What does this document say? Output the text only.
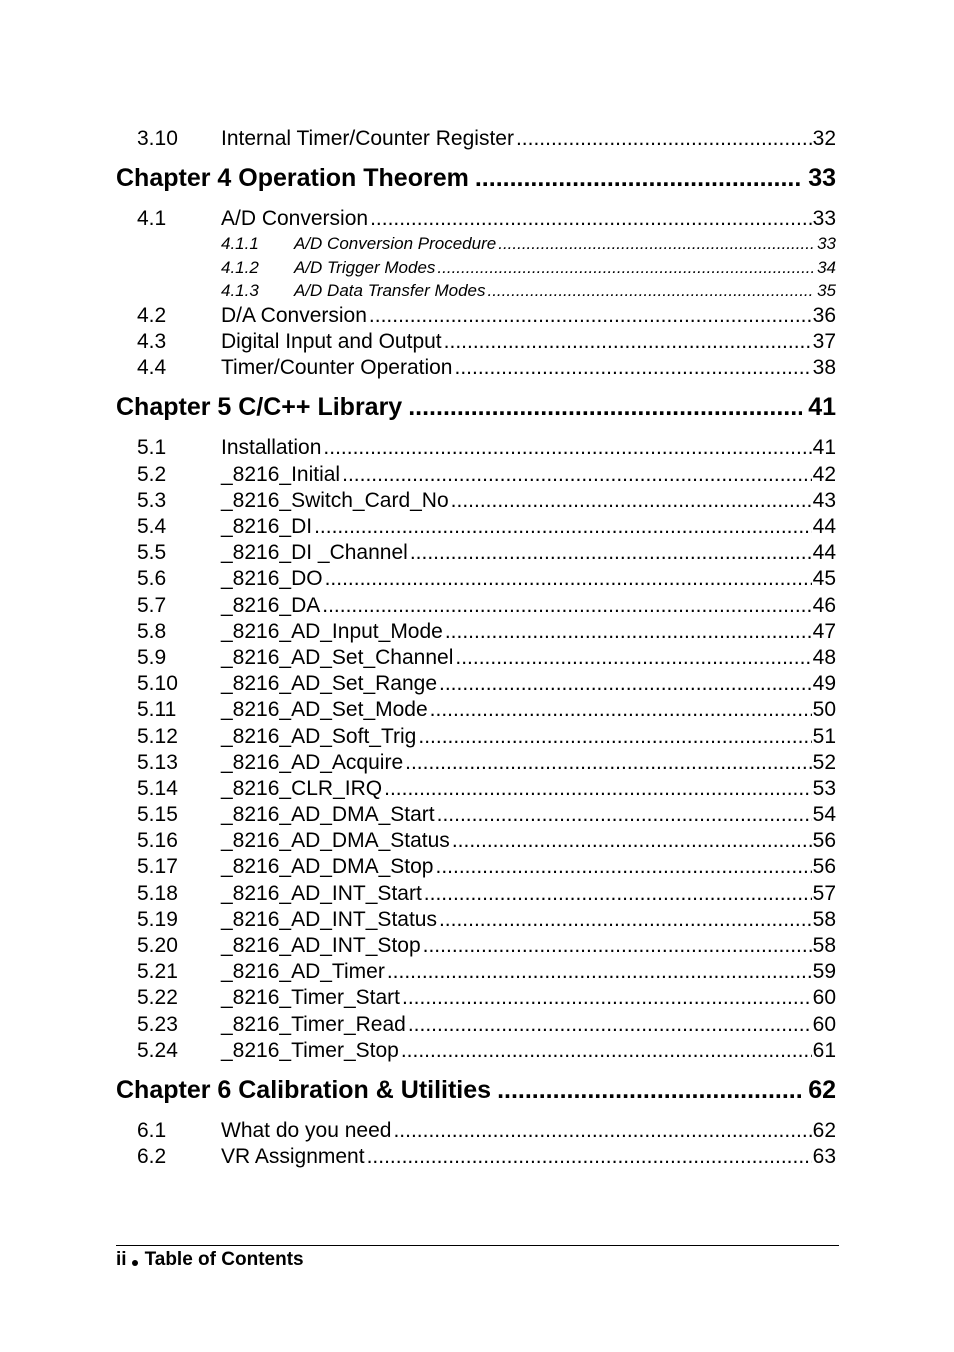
3.10	Internal Timer/Counter Register .....	32
Chapter 4 Operation Theorem .....	33
4.1	A/D Conversion .....	33
4.1.1	A/D Conversion Procedure .....	33
4.1.2	A/D Trigger Modes .....	34
4.1.3	A/D Data Transfer Modes .....	35
4.2	D/A Conversion .....	36
4.3	Digital Input and Output .....	37
4.4	Timer/Counter Operation .....	38
Chapter 5 C/C++ Library .....	41
5.1	Installation .....	41
5.2	_8216_Initial .....	42
5.3	_8216_Switch_Card_No .....	43
5.4	_8216_DI .....	44
5.5	_8216_DI _Channel .....	44
5.6	_8216_DO .....	45
5.7	_8216_DA .....	46
5.8	_8216_AD_Input_Mode .....	47
5.9	_8216_AD_Set_Channel .....	48
5.10	_8216_AD_Set_Range .....	49
5.11	_8216_AD_Set_Mode .....	50
5.12	_8216_AD_Soft_Trig .....	51
5.13	_8216_AD_Acquire .....	52
5.14	_8216_CLR_IRQ .....	53
5.15	_8216_AD_DMA_Start .....	54
5.16	_8216_AD_DMA_Status .....	56
5.17	_8216_AD_DMA_Stop .....	56
5.18	_8216_AD_INT_Start .....	57
5.19	_8216_AD_INT_Status .....	58
5.20	_8216_AD_INT_Stop .....	58
5.21	_8216_AD_Timer .....	59
5.22	_8216_Timer_Start .....	60
5.23	_8216_Timer_Read .....	60
5.24	_8216_Timer_Stop .....	61
Chapter 6 Calibration & Utilities .....	62
6.1	What do you need .....	62
6.2	VR Assignment .....	63
ii Table of Contents
